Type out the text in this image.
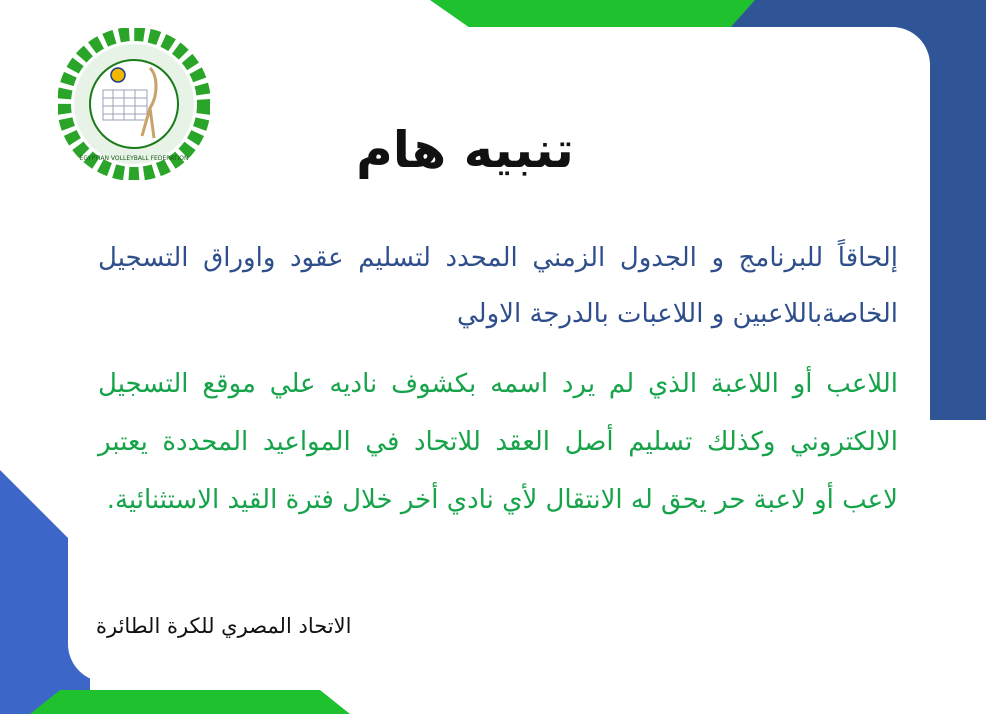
EGYPTIAN VOLLEYBALL FEDERATION	تنبيه هام
إلحاقاً للبرنامج و الجدول الزمني المحدد لتسليم عقود واوراق التسجيل الخاصةباللاعبين و اللاعبات بالدرجة الاولي
اللاعب أو اللاعبة الذي لم يرد اسمه بكشوف ناديه علي موقع التسجيل الالكتروني وكذلك تسليم أصل العقد للاتحاد في المواعيد المحددة يعتبر لاعب أو لاعبة حر يحق له الانتقال لأي نادي أخر خلال فترة القيد الاستثنائية.
الاتحاد المصري للكرة الطائرة
